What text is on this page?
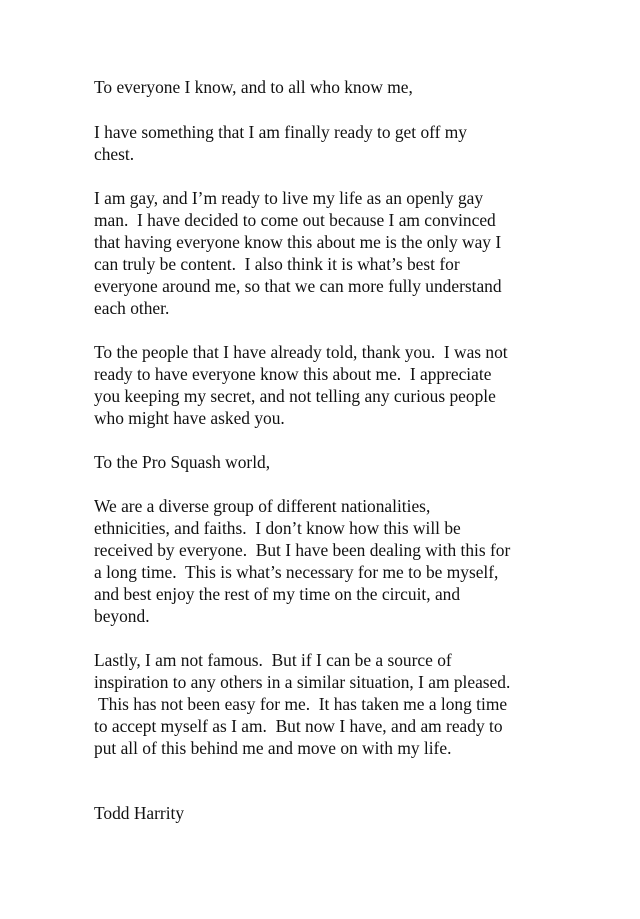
To everyone I know, and to all who know me,

I have something that I am finally ready to get off my

chest.

I am gay, and I’m ready to live my life as an openly gay

man.  I have decided to come out because I am convinced

that having everyone know this about me is the only way I

can truly be content.  I also think it is what’s best for

everyone around me, so that we can more fully understand

each other.

To the people that I have already told, thank you.  I was not

ready to have everyone know this about me.  I appreciate

you keeping my secret, and not telling any curious people

who might have asked you.

To the Pro Squash world,

We are a diverse group of different nationalities,

ethnicities, and faiths.  I don’t know how this will be

received by everyone.  But I have been dealing with this for

a long time.  This is what’s necessary for me to be myself,

and best enjoy the rest of my time on the circuit, and

beyond.

Lastly, I am not famous.  But if I can be a source of

inspiration to any others in a similar situation, I am pleased.

This has not been easy for me.  It has taken me a long time

to accept myself as I am.  But now I have, and am ready to

put all of this behind me and move on with my life.

Todd Harrity
